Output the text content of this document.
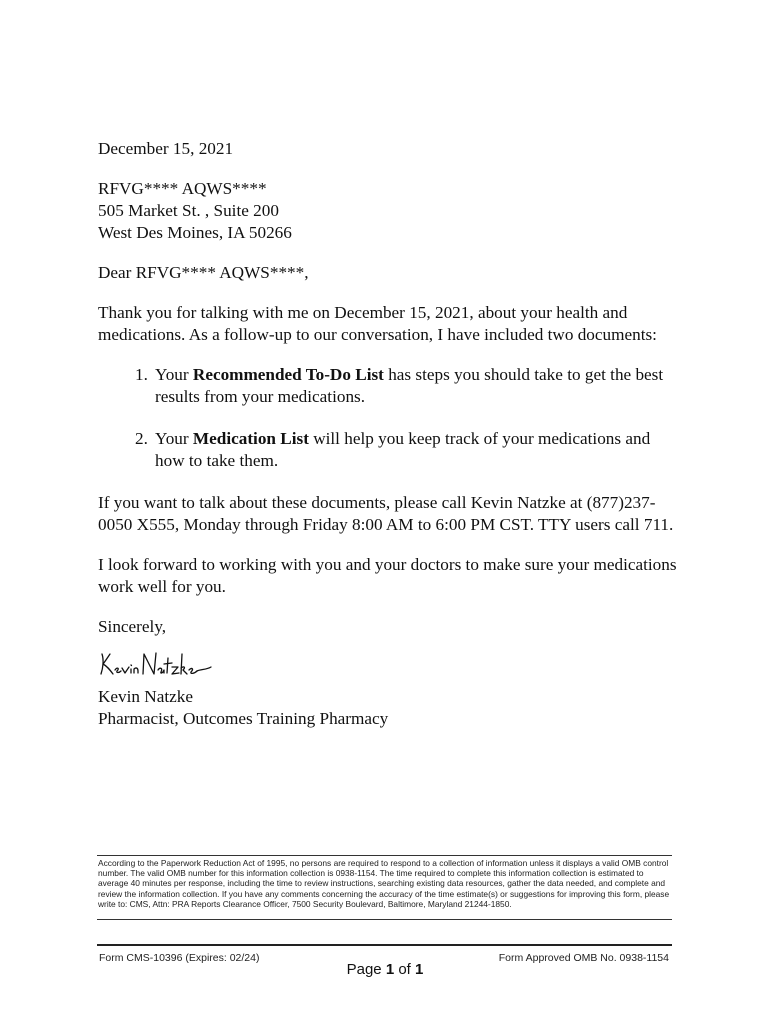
December 15, 2021

RFVG**** AQWS****

505 Market St. , Suite 200

West Des Moines, IA 50266

Dear RFVG**** AQWS****,

Thank you for talking with me on December 15, 2021, about your health and medications. As a follow-up to our conversation, I have included two documents:

1. Your Recommended To-Do List has steps you should take to get the best results from your medications.
2. Your Medication List will help you keep track of your medications and how to take them.

If you want to talk about these documents, please call Kevin Natzke at (877)237-0050 X555, Monday through Friday 8:00 AM to 6:00 PM CST. TTY users call 711.

I look forward to working with you and your doctors to make sure your medications work well for you.

Sincerely,

Kevin Natzke

Pharmacist, Outcomes Training Pharmacy

According to the Paperwork Reduction Act of 1995, no persons are required to respond to a collection of information unless it displays a valid OMB control number. The valid OMB number for this information collection is 0938-1154. The time required to complete this information collection is estimated to average 40 minutes per response, including the time to review instructions, searching existing data resources, gather the data needed, and complete and review the information collection. If you have any comments concerning the accuracy of the time estimate(s) or suggestions for improving this form, please write to: CMS, Attn: PRA Reports Clearance Officer, 7500 Security Boulevard, Baltimore, Maryland 21244-1850.

Form CMS-10396 (Expires: 02/24)	Form Approved OMB No. 0938-1154
Page 1 of 1
